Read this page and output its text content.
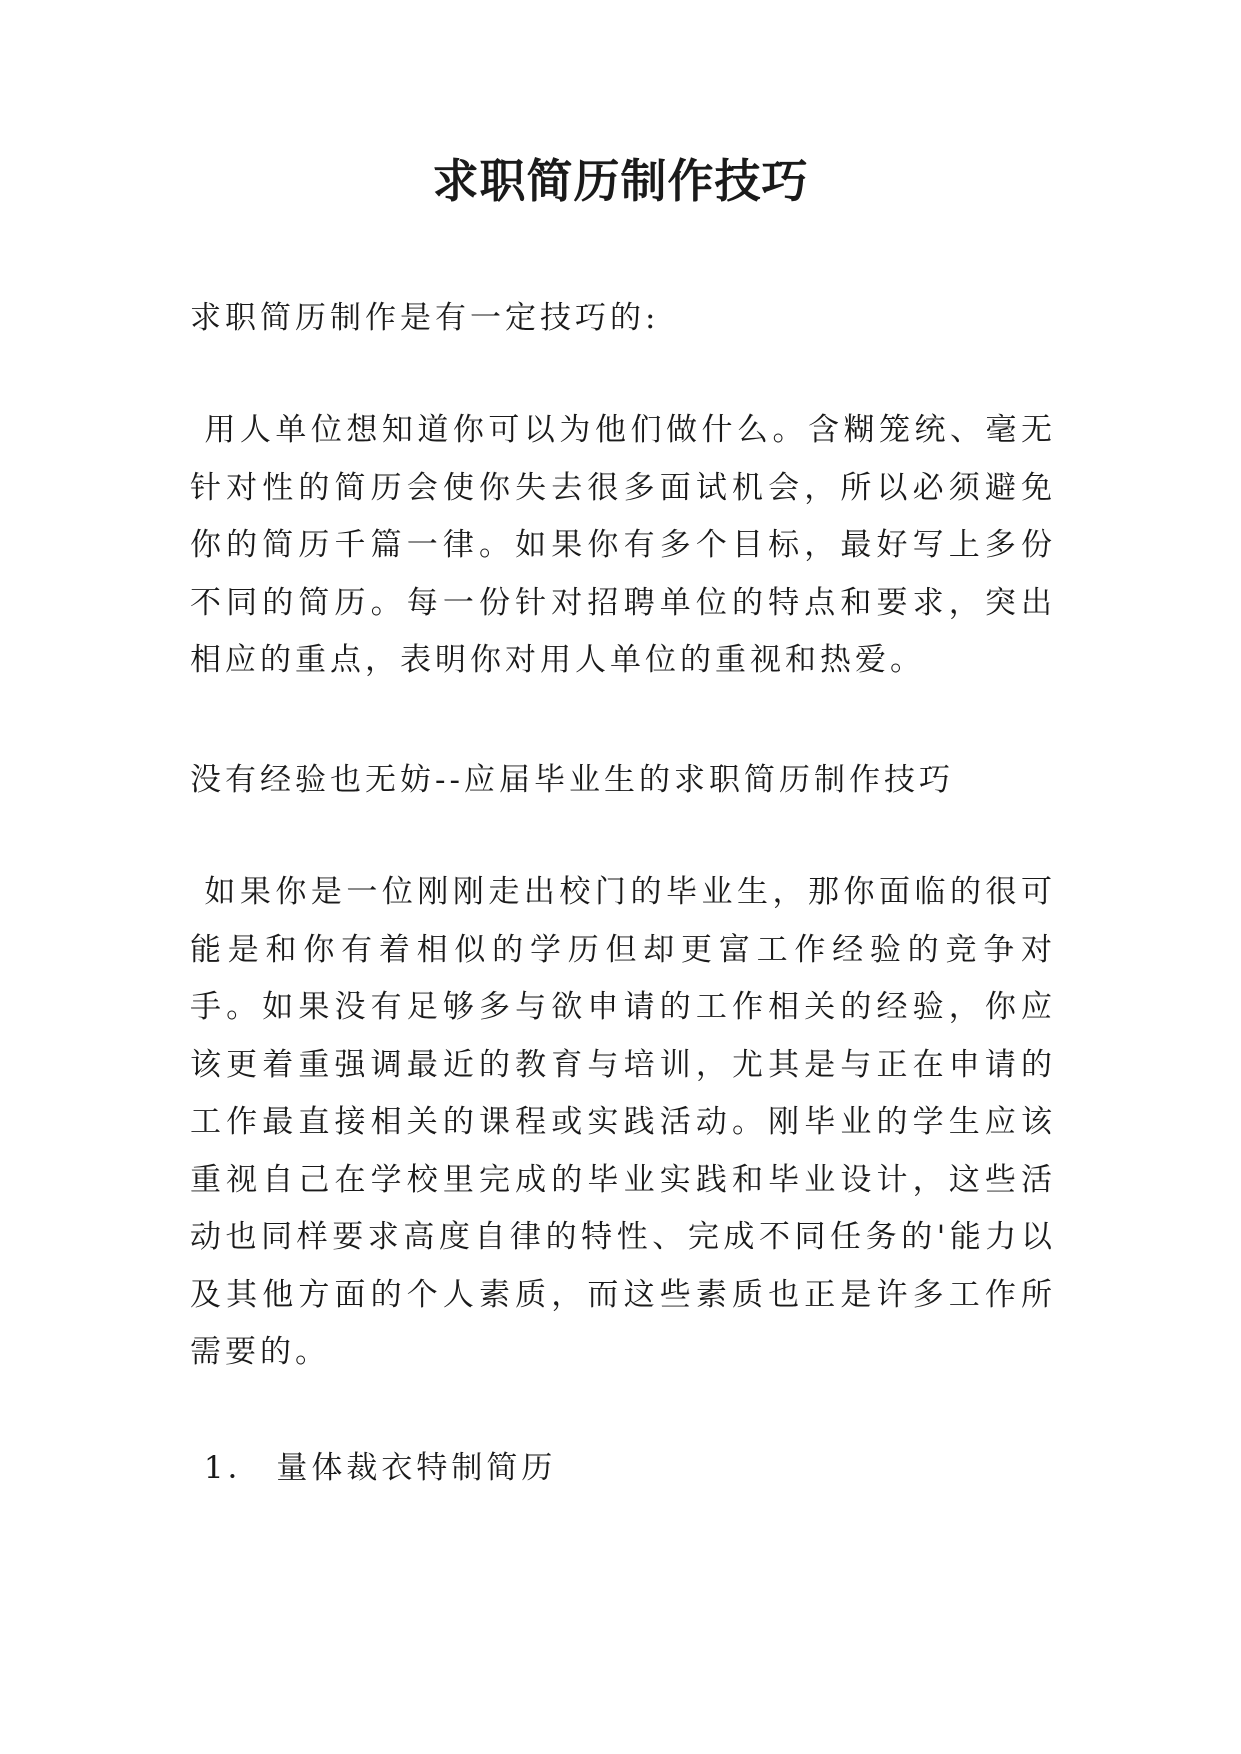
求职简历制作技巧

求职简历制作是有一定技巧的:

用人单位想知道你可以为他们做什么。含糊笼统、毫无针对性的简历会使你失去很多面试机会，所以必须避免你的简历千篇一律。如果你有多个目标，最好写上多份不同的简历。每一份针对招聘单位的特点和要求，突出相应的重点，表明你对用人单位的重视和热爱。

没有经验也无妨--应届毕业生的求职简历制作技巧

如果你是一位刚刚走出校门的毕业生，那你面临的很可能是和你有着相似的学历但却更富工作经验的竞争对手。如果没有足够多与欲申请的工作相关的经验，你应该更着重强调最近的教育与培训，尤其是与正在申请的工作最直接相关的课程或实践活动。刚毕业的学生应该重视自己在学校里完成的毕业实践和毕业设计，这些活动也同样要求高度自律的特性、完成不同任务的'能力以及其他方面的个人素质，而这些素质也正是许多工作所需要的。

1． 量体裁衣特制简历
